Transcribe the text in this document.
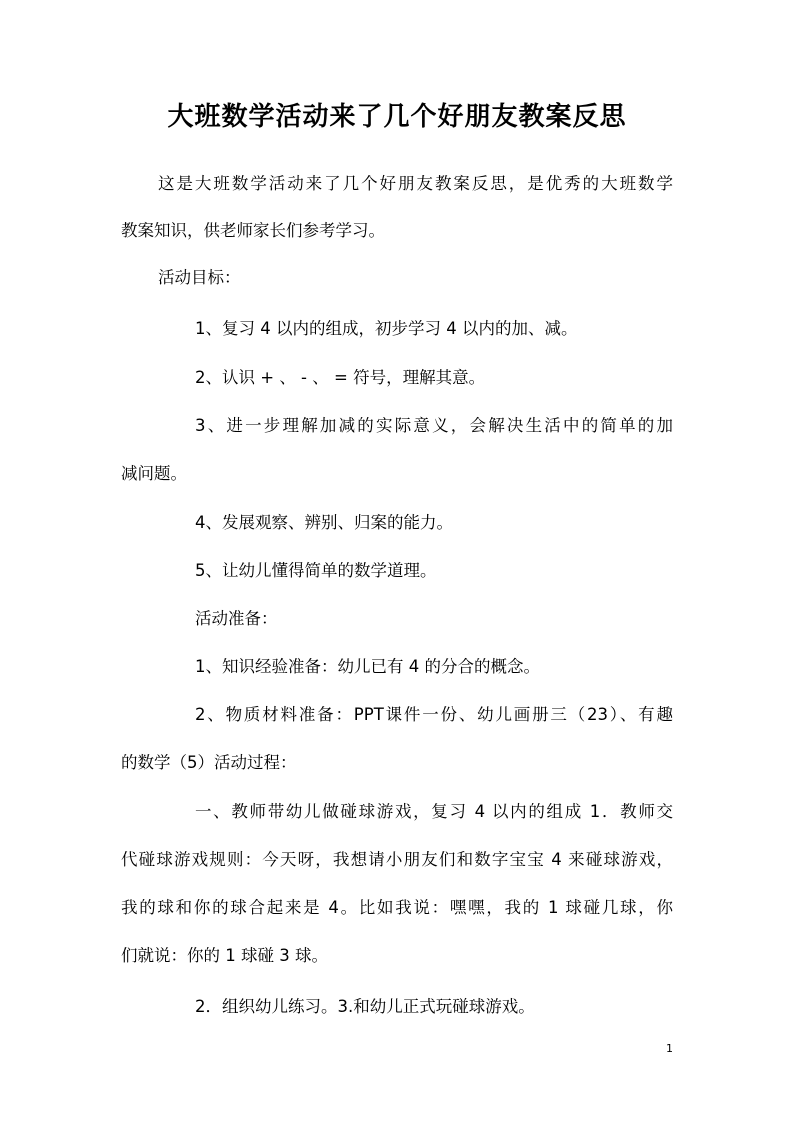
大班数学活动来了几个好朋友教案反思

这是大班数学活动来了几个好朋友教案反思，是优秀的大班数学

教案知识，供老师家长们参考学习。

活动目标：

1、复习 4 以内的组成，初步学习 4 以内的加、减。

2、认识 + 、 - 、 = 符号，理解其意。

3、进一步理解加减的实际意义，会解决生活中的简单的加

减问题。

4、发展观察、辨别、归案的能力。

5、让幼儿懂得简单的数学道理。

活动准备：

1、知识经验准备：幼儿已有 4 的分合的概念。

2、物质材料准备：PPT课件一份、幼儿画册三（23）、有趣

的数学（5）活动过程：

一、教师带幼儿做碰球游戏，复习 4 以内的组成 1．教师交

代碰球游戏规则：今天呀，我想请小朋友们和数字宝宝 4 来碰球游戏，

我的球和你的球合起来是 4。比如我说：嘿嘿，我的 1 球碰几球，你

们就说：你的 1 球碰 3 球。

2．组织幼儿练习。3.和幼儿正式玩碰球游戏。

1
